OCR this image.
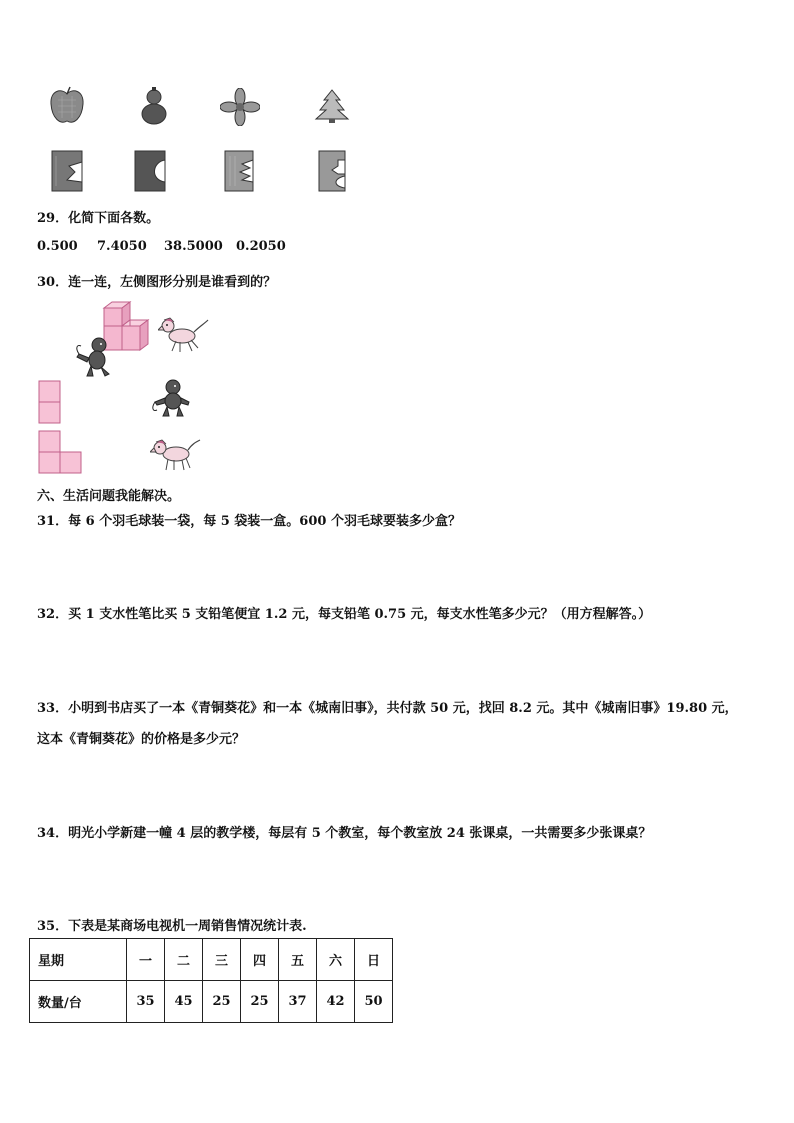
29．化简下面各数。
0.500 7.4050 38.5000 0.2050
30．连一连，左侧图形分别是谁看到的？
六、生活问题我能解决。
31．每 6 个羽毛球装一袋，每 5 袋装一盒。600 个羽毛球要装多少盒？
32．买 1 支水性笔比买 5 支铅笔便宜 1.2 元，每支铅笔 0.75 元，每支水性笔多少元？（用方程解答。）
33．小明到书店买了一本《青铜葵花》和一本《城南旧事》，共付款 50 元，找回 8.2 元。其中《城南旧事》19.80 元，
这本《青铜葵花》的价格是多少元？
34．明光小学新建一幢 4 层的教学楼，每层有 5 个教室，每个教室放 24 张课桌，一共需要多少张课桌？
35．下表是某商场电视机一周销售情况统计表.
星期	一	二	三	四	五	六	日
数量/台	35	45	25	25	37	42	50
